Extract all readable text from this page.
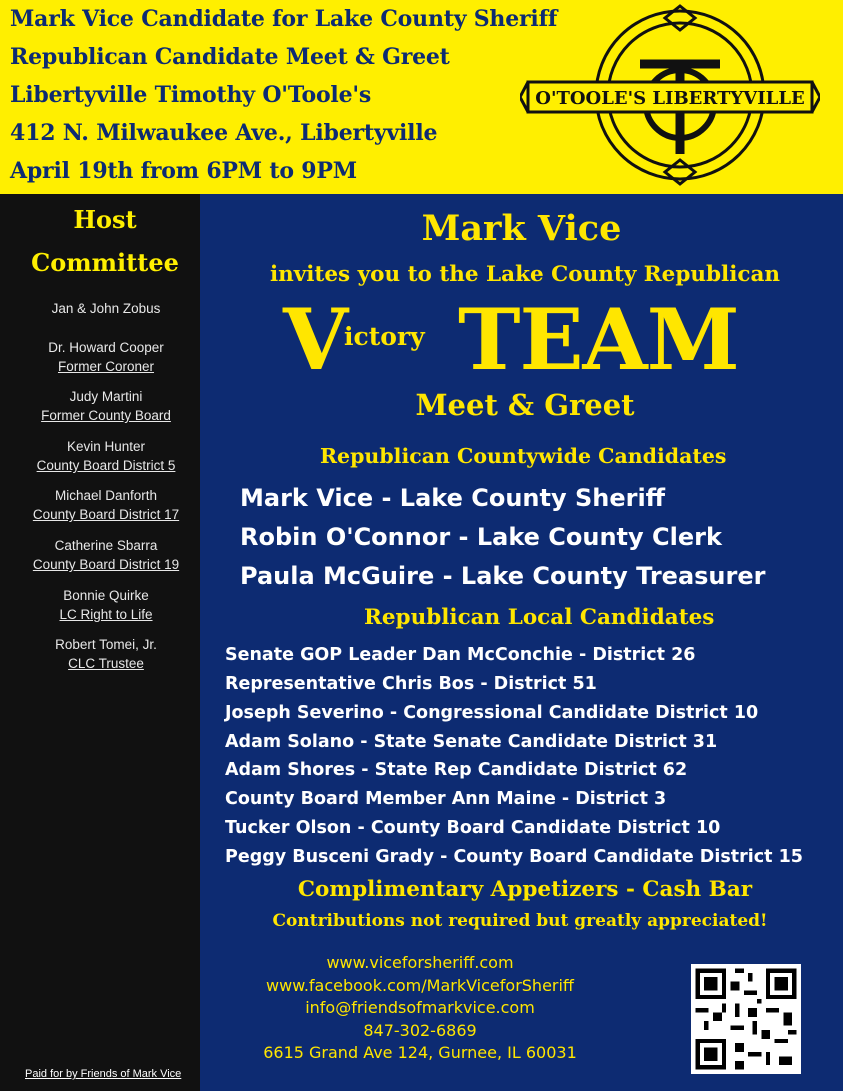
Mark Vice Candidate for Lake County Sheriff
Republican Candidate Meet & Greet
Libertyville Timothy O'Toole's
412 N. Milwaukee Ave., Libertyville
April 19th from 6PM to 9PM
O'TOOLE'S LIBERTYVILLE
Host
Committee
Jan & John Zobus
Dr. Howard Cooper
Former Coroner
Judy Martini
Former County Board
Kevin Hunter
County Board District 5
Michael Danforth
County Board District 17
Catherine Sbarra
County Board District 19
Bonnie Quirke
LC Right to Life
Robert Tomei, Jr.
CLC Trustee
Paid for by Friends of Mark Vice
Mark Vice
invites you to the Lake County Republican
V
ictory TEAM
Meet & Greet
Republican Countywide Candidates
Mark Vice - Lake County Sheriff
Robin O'Connor - Lake County Clerk
Paula McGuire - Lake County Treasurer
Republican Local Candidates
Senate GOP Leader Dan McConchie - District 26
Representative Chris Bos - District 51
Joseph Severino - Congressional Candidate District 10
Adam Solano - State Senate Candidate District 31
Adam Shores - State Rep Candidate District 62
County Board Member Ann Maine - District 3
Tucker Olson - County Board Candidate District 10
Peggy Busceni Grady - County Board Candidate District 15
Complimentary Appetizers - Cash Bar
Contributions not required but greatly appreciated!
www.viceforsheriff.com
www.facebook.com/MarkViceforSheriff
info@friendsofmarkvice.com
847-302-6869
6615 Grand Ave 124, Gurnee, IL 60031
